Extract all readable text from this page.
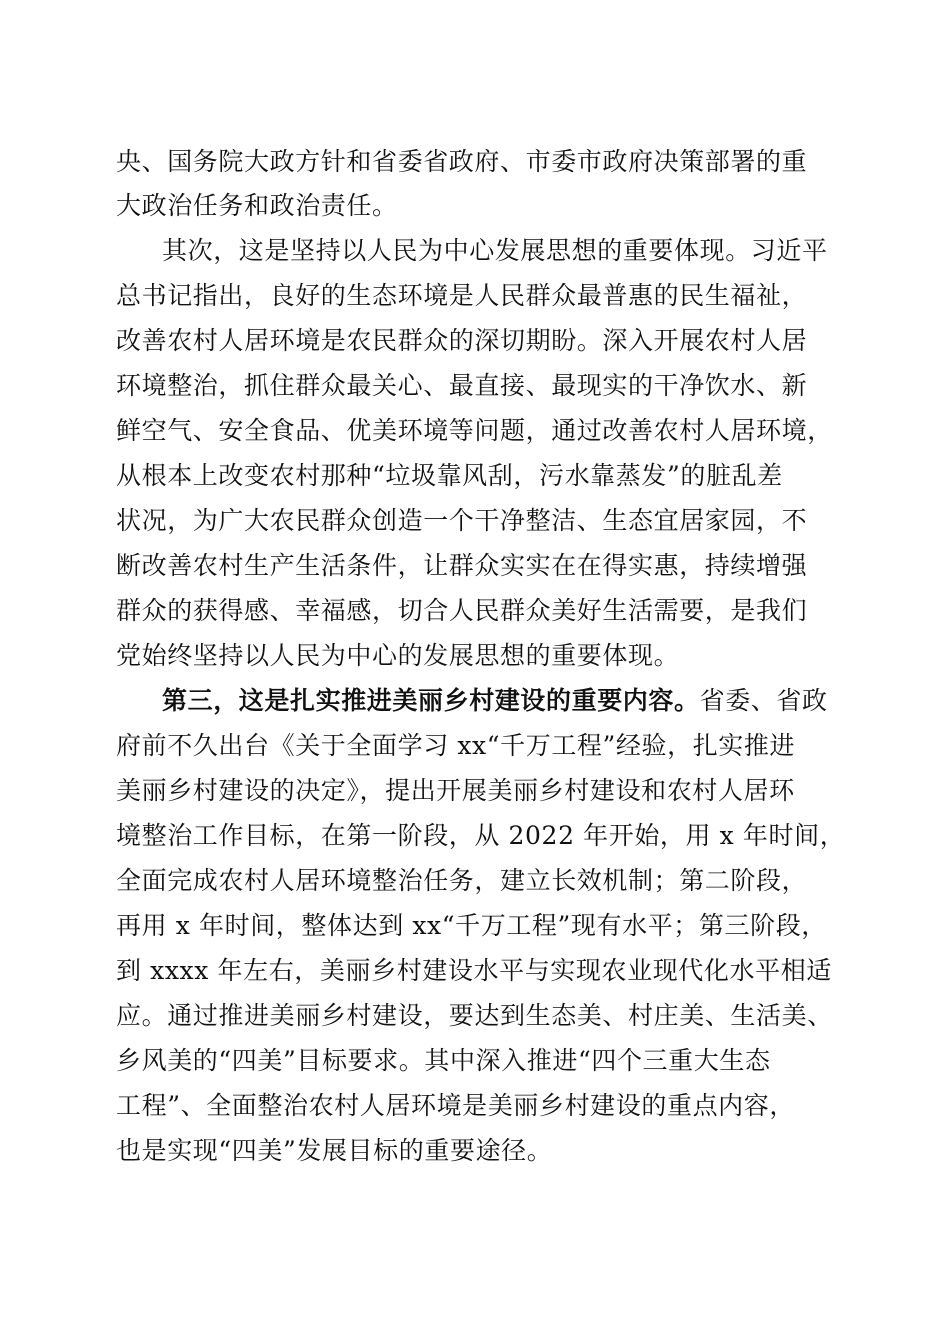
央、国务院大政方针和省委省政府、市委市政府决策部署的重
大政治任务和政治责任。
其次，这是坚持以人民为中心发展思想的重要体现。习近平
总书记指出，良好的生态环境是人民群众最普惠的民生福祉，
改善农村人居环境是农民群众的深切期盼。深入开展农村人居
环境整治，抓住群众最关心、最直接、最现实的干净饮水、新
鲜空气、安全食品、优美环境等问题，通过改善农村人居环境，
从根本上改变农村那种“垃圾靠风刮，污水靠蒸发”的脏乱差
状况，为广大农民群众创造一个干净整洁、生态宜居家园，不
断改善农村生产生活条件，让群众实实在在得实惠，持续增强
群众的获得感、幸福感，切合人民群众美好生活需要，是我们
党始终坚持以人民为中心的发展思想的重要体现。
第三，这是扎实推进美丽乡村建设的重要内容。省委、省政
府前不久出台《关于全面学习 xx“千万工程”经验，扎实推进
美丽乡村建设的决定》，提出开展美丽乡村建设和农村人居环
境整治工作目标，在第一阶段，从 2022 年开始，用 x 年时间，
全面完成农村人居环境整治任务，建立长效机制；第二阶段，
再用 x 年时间，整体达到 xx“千万工程”现有水平；第三阶段，
到 xxxx 年左右，美丽乡村建设水平与实现农业现代化水平相适
应。通过推进美丽乡村建设，要达到生态美、村庄美、生活美、
乡风美的“四美”目标要求。其中深入推进“四个三重大生态
工程”、全面整治农村人居环境是美丽乡村建设的重点内容，
也是实现“四美”发展目标的重要途径。
